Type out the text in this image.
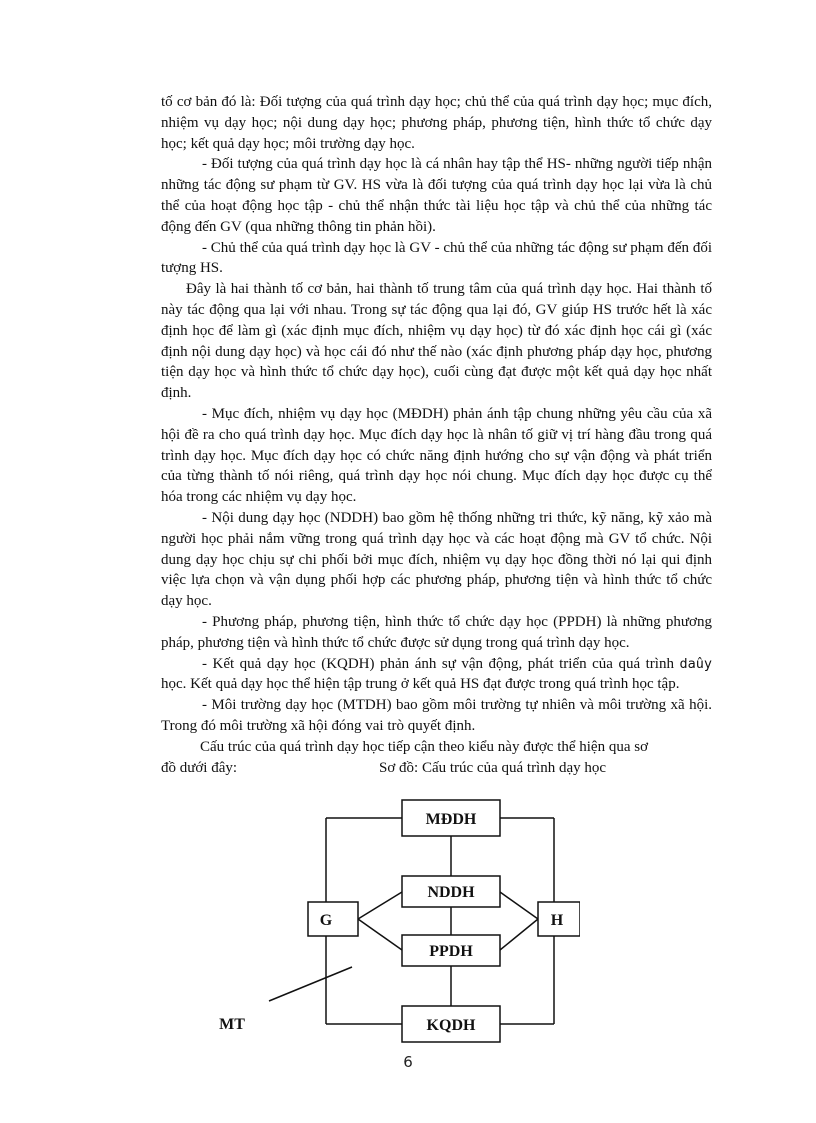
tố cơ bản đó là: Đối tượng của quá trình dạy học; chủ thể của quá trình dạy học; mục đích, nhiệm vụ dạy học; nội dung dạy học; phương pháp, phương tiện, hình thức tổ chức dạy học; kết quả dạy học; môi trường dạy học.

- Đối tượng của quá trình dạy học là cá nhân hay tập thể HS- những người tiếp nhận những tác động sư phạm từ GV. HS vừa là đối tượng của quá trình dạy học lại vừa là chủ thể của hoạt động học tập - chủ thể nhận thức tài liệu học tập và chủ thể của những tác động đến GV (qua những thông tin phản hồi).

- Chủ thể của quá trình dạy học là GV - chủ thể của những tác động sư phạm đến đối tượng HS.

Đây là hai thành tố cơ bản, hai thành tố trung tâm của quá trình dạy học. Hai thành tố này tác động qua lại với nhau. Trong sự tác động qua lại đó, GV giúp HS trước hết là xác định học để làm gì (xác định mục đích, nhiệm vụ dạy học) từ đó xác định học cái gì (xác định nội dung dạy học) và học cái đó như thế nào (xác định phương pháp dạy học, phương tiện dạy học và hình thức tổ chức dạy học), cuối cùng đạt được một kết quả dạy học nhất định.

- Mục đích, nhiệm vụ dạy học (MĐDH) phản ánh tập chung những yêu cầu của xã hội đề ra cho quá trình dạy học. Mục đích dạy học là nhân tố giữ vị trí hàng đầu trong quá trình dạy học. Mục đích dạy học có chức năng định hướng cho sự vận động và phát triển của từng thành tố nói riêng, quá trình dạy học nói chung. Mục đích dạy học được cụ thể hóa trong các nhiệm vụ dạy học.

- Nội dung dạy học (NDDH) bao gồm hệ thống những tri thức, kỹ năng, kỹ xảo mà người học phải nắm vững trong quá trình dạy học và các hoạt động mà GV tổ chức. Nội dung dạy học chịu sự chi phối bởi mục đích, nhiệm vụ dạy học đồng thời nó lại qui định việc lựa chọn và vận dụng phối hợp các phương pháp, phương tiện và hình thức tổ chức dạy học.

- Phương pháp, phương tiện, hình thức tổ chức dạy học (PPDH) là những phương pháp, phương tiện và hình thức tổ chức được sử dụng trong quá trình dạy học.

- Kết quả dạy học (KQDH) phản ánh sự vận động, phát triển của quá trình daûy học. Kết quả dạy học thể hiện tập trung ở kết quả HS đạt được trong quá trình học tập.

- Môi trường dạy học (MTDH) bao gồm môi trường tự nhiên và môi trường xã hội. Trong đó môi trường xã hội đóng vai trò quyết định.

Cấu trúc của quá trình dạy học tiếp cận theo kiểu này được thể hiện qua sơ

đồ dưới đây:	Sơ đồ: Cấu trúc của quá trình dạy học
MĐDH
NDDH
PPDH
KQDH
G	H
MT
6
